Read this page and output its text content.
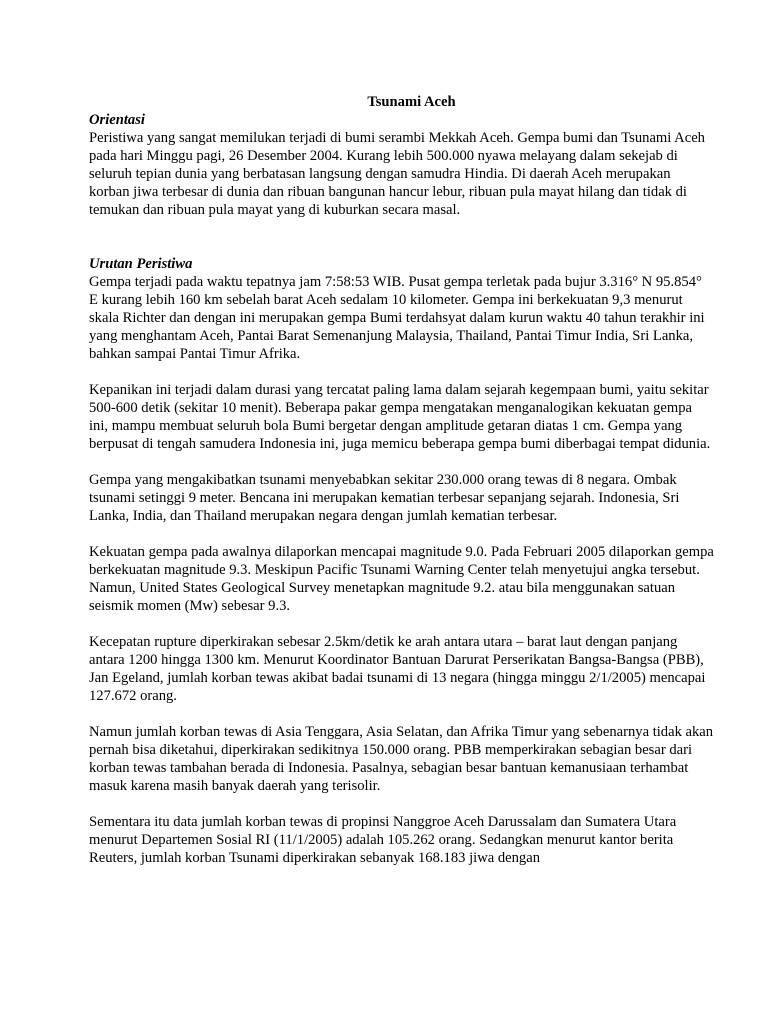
Tsunami Aceh

Orientasi

Peristiwa yang sangat memilukan terjadi di bumi serambi Mekkah Aceh. Gempa bumi dan Tsunami Aceh pada hari Minggu pagi, 26 Desember 2004. Kurang lebih 500.000 nyawa melayang dalam sekejab di seluruh tepian dunia yang berbatasan langsung dengan samudra Hindia. Di daerah Aceh merupakan korban jiwa terbesar di dunia dan ribuan bangunan hancur lebur, ribuan pula mayat hilang dan tidak di temukan dan ribuan pula mayat yang di kuburkan secara masal.

Urutan Peristiwa

Gempa terjadi pada waktu tepatnya jam 7:58:53 WIB. Pusat gempa terletak pada bujur 3.316° N 95.854° E kurang lebih 160 km sebelah barat Aceh sedalam 10 kilometer. Gempa ini berkekuatan 9,3 menurut skala Richter dan dengan ini merupakan gempa Bumi terdahsyat dalam kurun waktu 40 tahun terakhir ini yang menghantam Aceh, Pantai Barat Semenanjung Malaysia, Thailand, Pantai Timur India, Sri Lanka, bahkan sampai Pantai Timur Afrika.

Kepanikan ini terjadi dalam durasi yang tercatat paling lama dalam sejarah kegempaan bumi, yaitu sekitar 500-600 detik (sekitar 10 menit). Beberapa pakar gempa mengatakan menganalogikan kekuatan gempa ini, mampu membuat seluruh bola Bumi bergetar dengan amplitude getaran diatas 1 cm. Gempa yang berpusat di tengah samudera Indonesia ini, juga memicu beberapa gempa bumi diberbagai tempat didunia.

Gempa yang mengakibatkan tsunami menyebabkan sekitar 230.000 orang tewas di 8 negara. Ombak tsunami setinggi 9 meter. Bencana ini merupakan kematian terbesar sepanjang sejarah. Indonesia, Sri Lanka, India, dan Thailand merupakan negara dengan jumlah kematian terbesar.

Kekuatan gempa pada awalnya dilaporkan mencapai magnitude 9.0. Pada Februari 2005 dilaporkan gempa berkekuatan magnitude 9.3. Meskipun Pacific Tsunami Warning Center telah menyetujui angka tersebut. Namun, United States Geological Survey menetapkan magnitude 9.2. atau bila menggunakan satuan seismik momen (Mw) sebesar 9.3.

Kecepatan rupture diperkirakan sebesar 2.5km/detik ke arah antara utara – barat laut dengan panjang antara 1200 hingga 1300 km. Menurut Koordinator Bantuan Darurat Perserikatan Bangsa-Bangsa (PBB), Jan Egeland, jumlah korban tewas akibat badai tsunami di 13 negara (hingga minggu 2/1/2005) mencapai 127.672 orang.

Namun jumlah korban tewas di Asia Tenggara, Asia Selatan, dan Afrika Timur yang sebenarnya tidak akan pernah bisa diketahui, diperkirakan sedikitnya 150.000 orang. PBB memperkirakan sebagian besar dari korban tewas tambahan berada di Indonesia. Pasalnya, sebagian besar bantuan kemanusiaan terhambat masuk karena masih banyak daerah yang terisolir.

Sementara itu data jumlah korban tewas di propinsi Nanggroe Aceh Darussalam dan Sumatera Utara menurut Departemen Sosial RI (11/1/2005) adalah 105.262 orang. Sedangkan menurut kantor berita Reuters, jumlah korban Tsunami diperkirakan sebanyak 168.183 jiwa dengan
